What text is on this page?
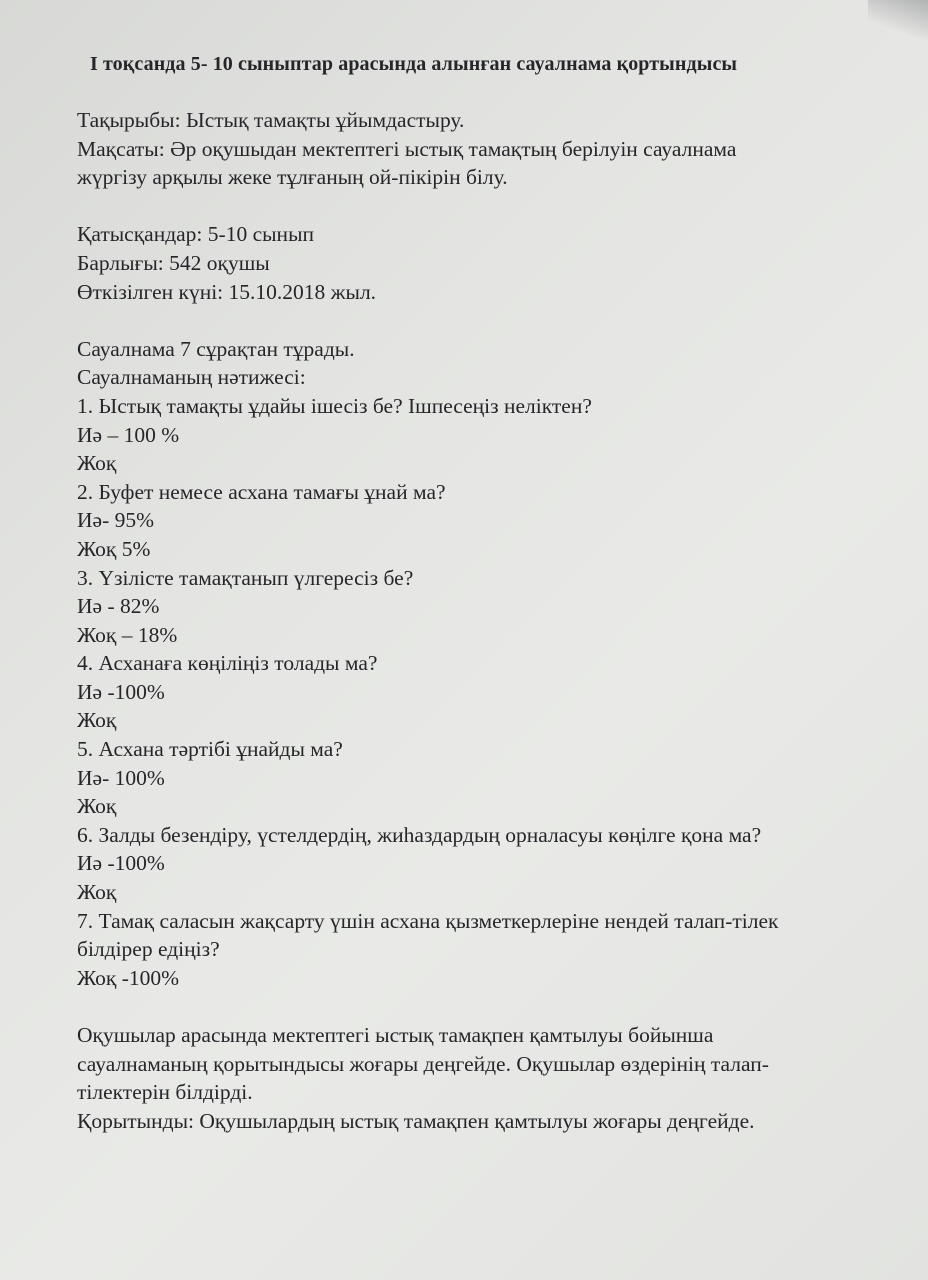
І тоқсанда 5- 10 сыныптар арасында алынған сауалнама қортындысы

Тақырыбы: Ыстық тамақты ұйымдастыру.

Мақсаты: Әр оқушыдан мектептегі ыстық тамақтың берілуін сауалнама

жүргізу арқылы жеке тұлғаның ой-пікірін білу.

Қатысқандар: 5-10 сынып

Барлығы: 542 оқушы

Өткізілген күні: 15.10.2018 жыл.

Сауалнама 7 сұрақтан тұрады.

Сауалнаманың нәтижесі:

1. Ыстық тамақты ұдайы ішесіз бе? Ішпесеңіз неліктен?

Иә – 100 %

Жоқ

2. Буфет немесе асхана тамағы ұнай ма?

Иә- 95%

Жоқ 5%

3. Үзілісте тамақтанып үлгересіз бе?

Иә - 82%

Жоқ – 18%

4. Асханаға көңіліңіз толады ма?

Иә -100%

Жоқ

5. Асхана тәртібі ұнайды ма?

Иә- 100%

Жоқ

6. Залды безендіру, үстелдердің, жиһаздардың орналасуы көңілге қона ма?

Иә -100%

Жоқ

7. Тамақ саласын жақсарту үшін асхана қызметкерлеріне нендей талап-тілек

білдірер едіңіз?

Жоқ -100%

Оқушылар арасында мектептегі ыстық тамақпен қамтылуы бойынша

сауалнаманың қорытындысы жоғары деңгейде. Оқушылар өздерінің талап-

тілектерін білдірді.

Қорытынды: Оқушылардың ыстық тамақпен қамтылуы жоғары деңгейде.
